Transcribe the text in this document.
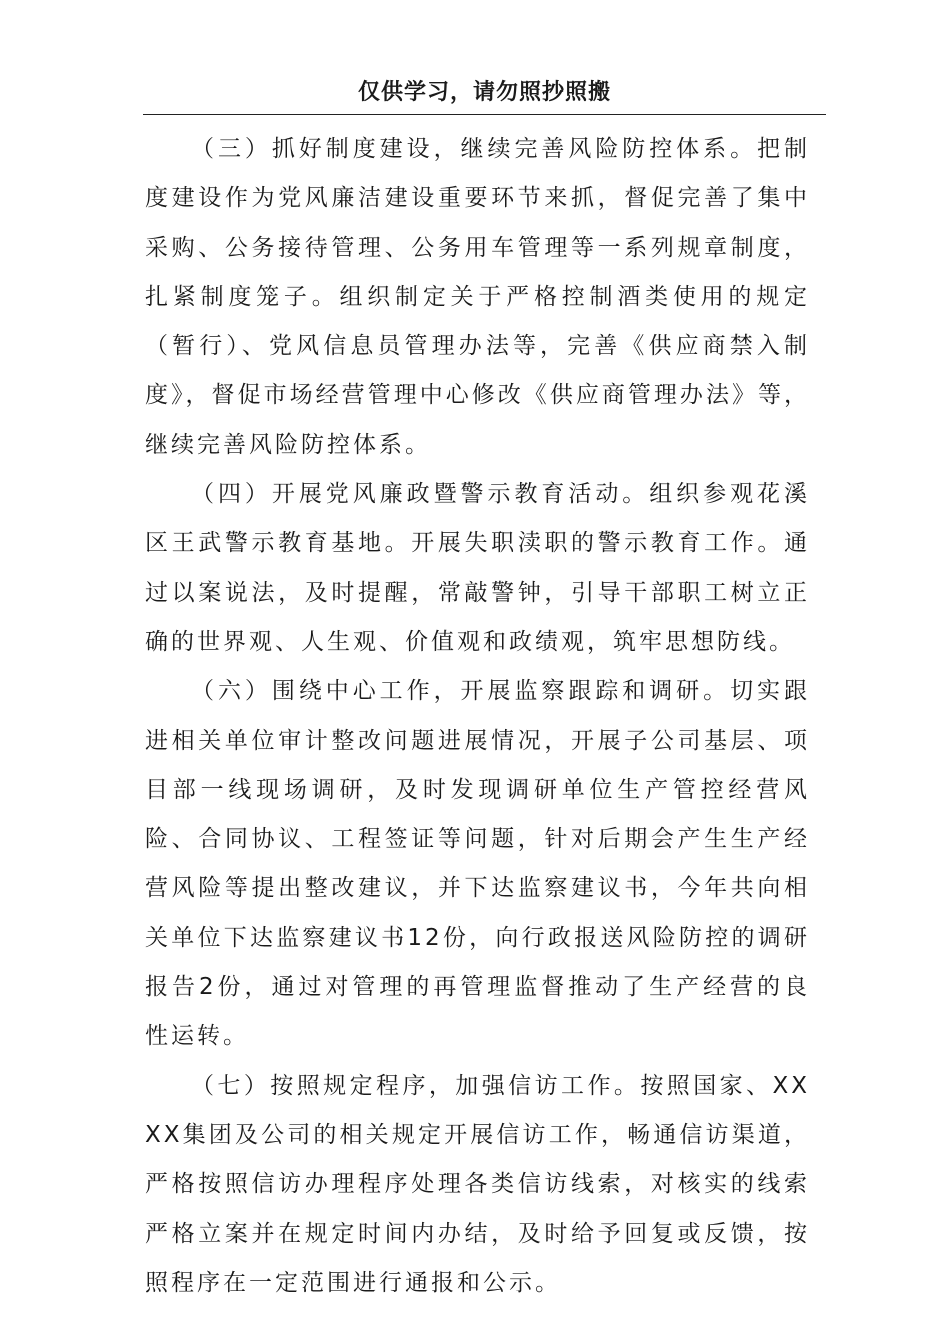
仅供学习，请勿照抄照搬

（三）抓好制度建设，继续完善风险防控体系。把制度建设作为党风廉洁建设重要环节来抓，督促完善了集中采购、公务接待管理、公务用车管理等一系列规章制度，扎紧制度笼子。组织制定关于严格控制酒类使用的规定（暂行）、党风信息员管理办法等，完善《供应商禁入制度》，督促市场经营管理中心修改《供应商管理办法》等，继续完善风险防控体系。

（四）开展党风廉政暨警示教育活动。组织参观花溪区王武警示教育基地。开展失职渎职的警示教育工作。通过以案说法，及时提醒，常敲警钟，引导干部职工树立正确的世界观、人生观、价值观和政绩观，筑牢思想防线。

（六）围绕中心工作，开展监察跟踪和调研。切实跟进相关单位审计整改问题进展情况，开展子公司基层、项目部一线现场调研，及时发现调研单位生产管控经营风险、合同协议、工程签证等问题，针对后期会产生生产经营风险等提出整改建议，并下达监察建议书，今年共向相关单位下达监察建议书12份，向行政报送风险防控的调研报告2份，通过对管理的再管理监督推动了生产经营的良性运转。

（七）按照规定程序，加强信访工作。按照国家、XXXX集团及公司的相关规定开展信访工作，畅通信访渠道，严格按照信访办理程序处理各类信访线索，对核实的线索严格立案并在规定时间内办结，及时给予回复或反馈，按照程序在一定范围进行通报和公示。
